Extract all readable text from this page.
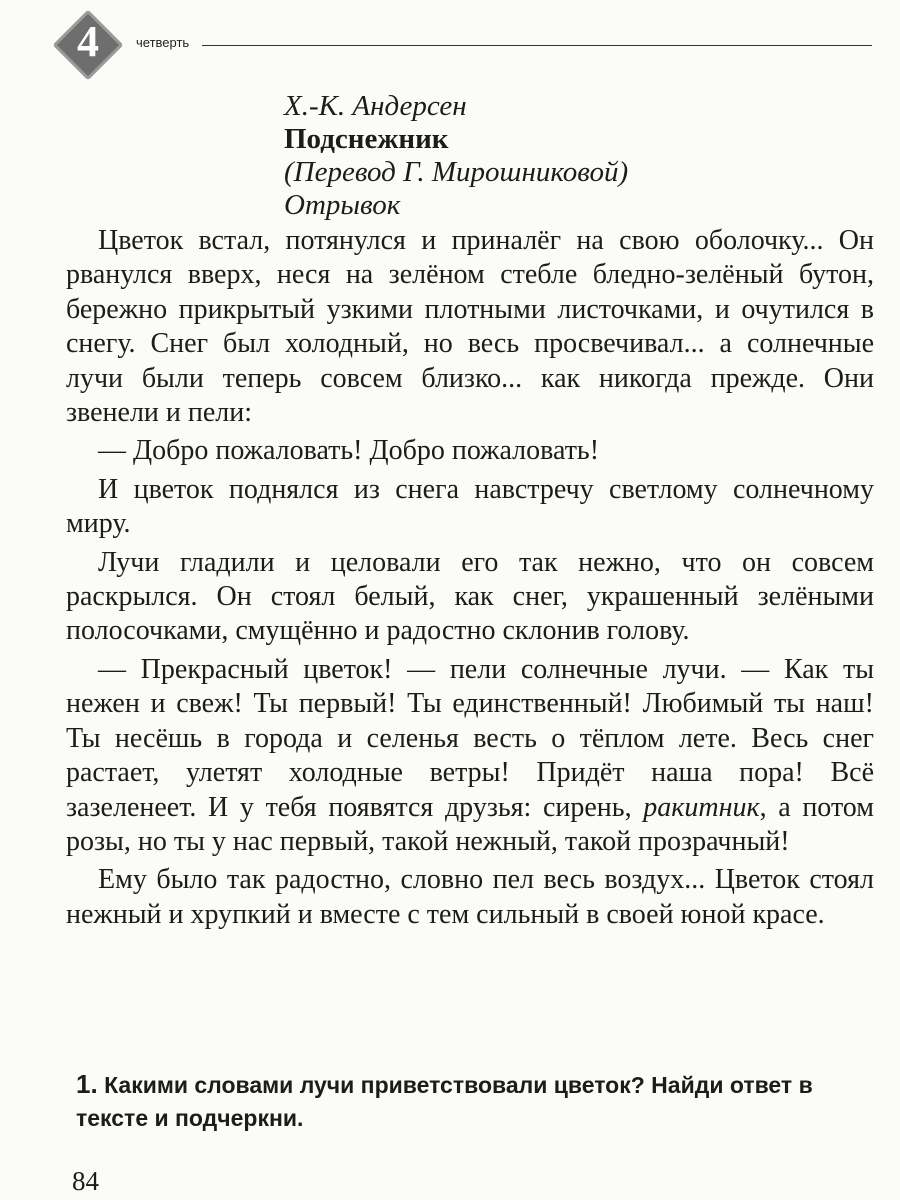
4	четверть
Х.-К. Андерсен
Подснежник
(Перевод Г. Мирошниковой)
Отрывок

Цветок встал, потянулся и приналёг на свою оболочку... Он рванулся вверх, неся на зелёном стебле бледно-зелёный бутон, бережно прикрытый узкими плотными листочками, и очутился в снегу. Снег был холодный, но весь просвечивал... а солнечные лучи были теперь совсем близко... как никогда прежде. Они звенели и пели:

— Добро пожаловать! Добро пожаловать!

И цветок поднялся из снега навстречу светлому солнечному миру.

Лучи гладили и целовали его так нежно, что он совсем раскрылся. Он стоял белый, как снег, украшенный зелёными полосочками, смущённо и радостно склонив голову.

— Прекрасный цветок! — пели солнечные лучи. — Как ты нежен и свеж! Ты первый! Ты единственный! Любимый ты наш! Ты несёшь в города и селенья весть о тёплом лете. Весь снег растает, улетят холодные ветры! Придёт наша пора! Всё зазеленеет. И у тебя появятся друзья: сирень, ракитник, а потом розы, но ты у нас первый, такой нежный, такой прозрачный!

Ему было так радостно, словно пел весь воздух... Цветок стоял нежный и хрупкий и вместе с тем сильный в своей юной красе.

1. Какими словами лучи приветствовали цветок? Найди ответ в тексте и подчеркни.
84
